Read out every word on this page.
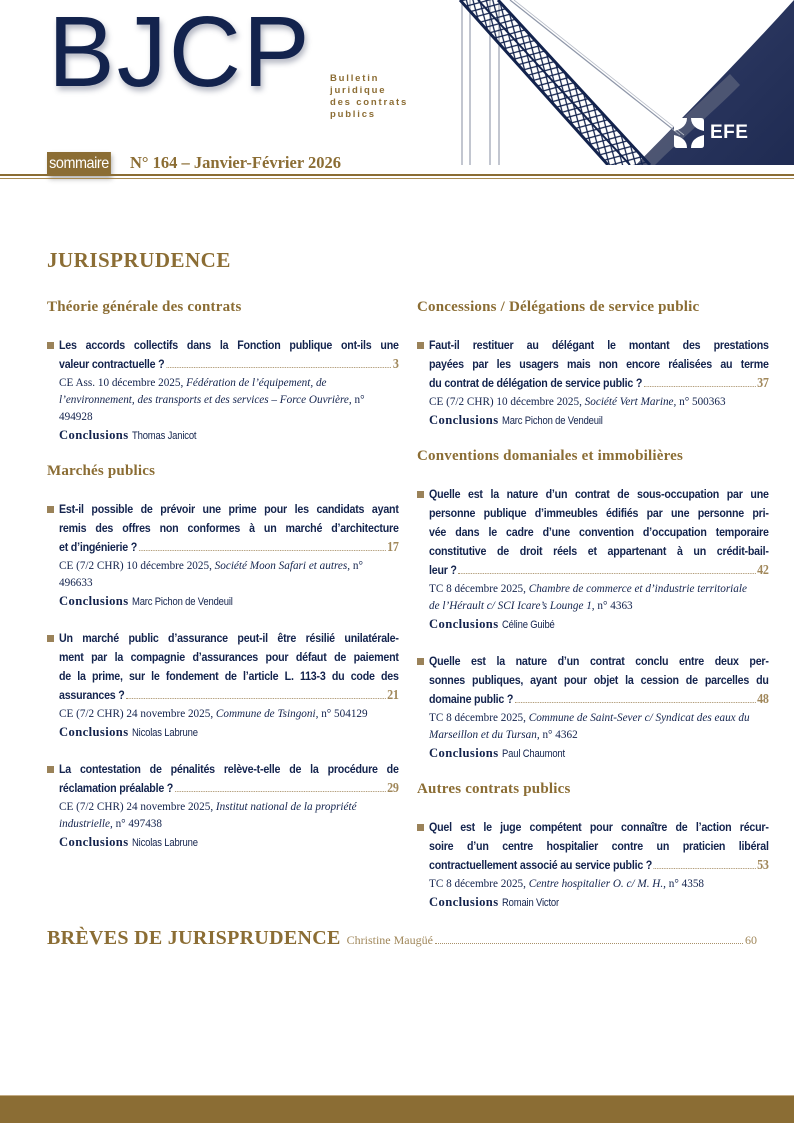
BJCP Bulletin
juridique
des contrats
publics
EFE
sommaire N° 164 – Janvier-Février 2026
JURISPRUDENCE
Théorie générale des contrats
Les accords collectifs dans la Fonction publique ont-ils une
valeur contractuelle ?	3
CE Ass. 10 décembre 2025, Fédération de l’équipement, de l’environnement, des transports et des services – Force Ouvrière, n° 494928
Conclusions Thomas Janicot
Marchés publics
Est-il possible de prévoir une prime pour les candidats ayant
remis des offres non conformes à un marché d’architecture
et d’ingénierie ?	17
CE (7/2 CHR) 10 décembre 2025, Société Moon Safari et autres, n° 496633
Conclusions Marc Pichon de Vendeuil
Un marché public d’assurance peut-il être résilié unilatérale-
ment par la compagnie d’assurances pour défaut de paiement
de la prime, sur le fondement de l’article L. 113-3 du code des
assurances ?	21
CE (7/2 CHR) 24 novembre 2025, Commune de Tsingoni, n° 504129
Conclusions Nicolas Labrune
La contestation de pénalités relève-t-elle de la procédure de
réclamation préalable ?	29
CE (7/2 CHR) 24 novembre 2025, Institut national de la propriété industrielle, n° 497438
Conclusions Nicolas Labrune
Concessions / Délégations de service public
Faut-il restituer au délégant le montant des prestations
payées par les usagers mais non encore réalisées au terme
du contrat de délégation de service public ?	37
CE (7/2 CHR) 10 décembre 2025, Société Vert Marine, n° 500363
Conclusions Marc Pichon de Vendeuil
Conventions domaniales et immobilières
Quelle est la nature d’un contrat de sous-occupation par une
personne publique d’immeubles édifiés par une personne pri-
vée dans le cadre d’une convention d’occupation temporaire
constitutive de droit réels et appartenant à un crédit-bail-
leur ?	42
TC 8 décembre 2025, Chambre de commerce et d’industrie territoriale de l’Hérault c/ SCI Icare’s Lounge 1, n° 4363
Conclusions Céline Guibé
Quelle est la nature d’un contrat conclu entre deux per-
sonnes publiques, ayant pour objet la cession de parcelles du
domaine public ?	48
TC 8 décembre 2025, Commune de Saint-Sever c/ Syndicat des eaux du Marseillon et du Tursan, n° 4362
Conclusions Paul Chaumont
Autres contrats publics
Quel est le juge compétent pour connaître de l’action récur-
soire d’un centre hospitalier contre un praticien libéral
contractuellement associé au service public ?	53
TC 8 décembre 2025, Centre hospitalier O. c/ M. H., n° 4358
Conclusions Romain Victor
BRÈVES DE JURISPRUDENCE Christine Maugüé	60
